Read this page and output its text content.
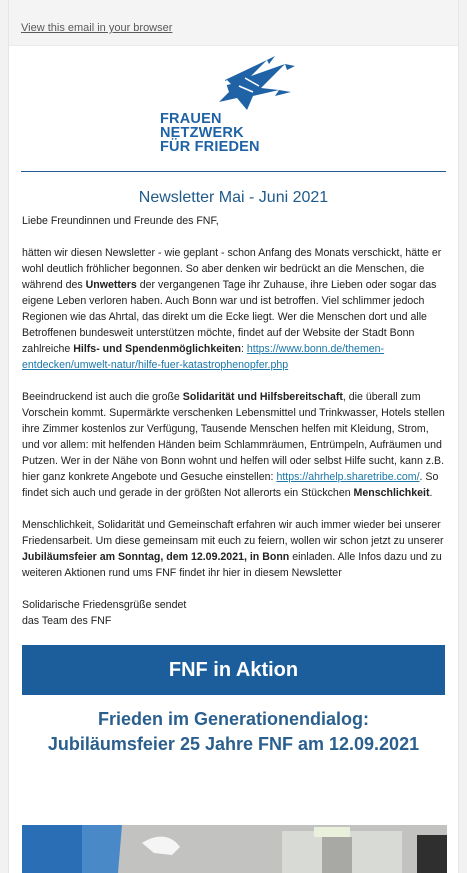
View this email in your browser
FRAUEN
NETZWERK
FÜR FRIEDEN
Newsletter Mai - Juni 2021

Liebe Freundinnen und Freunde des FNF,

hätten wir diesen Newsletter - wie geplant - schon Anfang des Monats verschickt, hätte er wohl deutlich fröhlicher begonnen. So aber denken wir bedrückt an die Menschen, die während des Unwetters der vergangenen Tage ihr Zuhause, ihre Lieben oder sogar das eigene Leben verloren haben. Auch Bonn war und ist betroffen. Viel schlimmer jedoch Regionen wie das Ahrtal, das direkt um die Ecke liegt. Wer die Menschen dort und alle Betroffenen bundesweit unterstützen möchte, findet auf der Website der Stadt Bonn zahlreiche Hilfs- und Spendenmöglichkeiten: https://www.bonn.de/themen-entdecken/umwelt-natur/hilfe-fuer-katastrophenopfer.php

Beeindruckend ist auch die große Solidarität und Hilfsbereitschaft, die überall zum Vorschein kommt. Supermärkte verschenken Lebensmittel und Trinkwasser, Hotels stellen ihre Zimmer kostenlos zur Verfügung, Tausende Menschen helfen mit Kleidung, Strom, und vor allem: mit helfenden Händen beim Schlammräumen, Entrümpeln, Aufräumen und Putzen. Wer in der Nähe von Bonn wohnt und helfen will oder selbst Hilfe sucht, kann z.B. hier ganz konkrete Angebote und Gesuche einstellen: https://ahrhelp.sharetribe.com/. So findet sich auch und gerade in der größten Not allerorts ein Stückchen Menschlichkeit.

Menschlichkeit, Solidarität und Gemeinschaft erfahren wir auch immer wieder bei unserer Friedensarbeit. Um diese gemeinsam mit euch zu feiern, wollen wir schon jetzt zu unserer Jubiläumsfeier am Sonntag, dem 12.09.2021, in Bonn einladen. Alle Infos dazu und zu weiteren Aktionen rund ums FNF findet ihr hier in diesem Newsletter

Solidarische Friedensgrüße sendet
das Team des FNF

FNF in Aktion
Frieden im Generationendialog:
Jubiläumsfeier 25 Jahre FNF am 12.09.2021
